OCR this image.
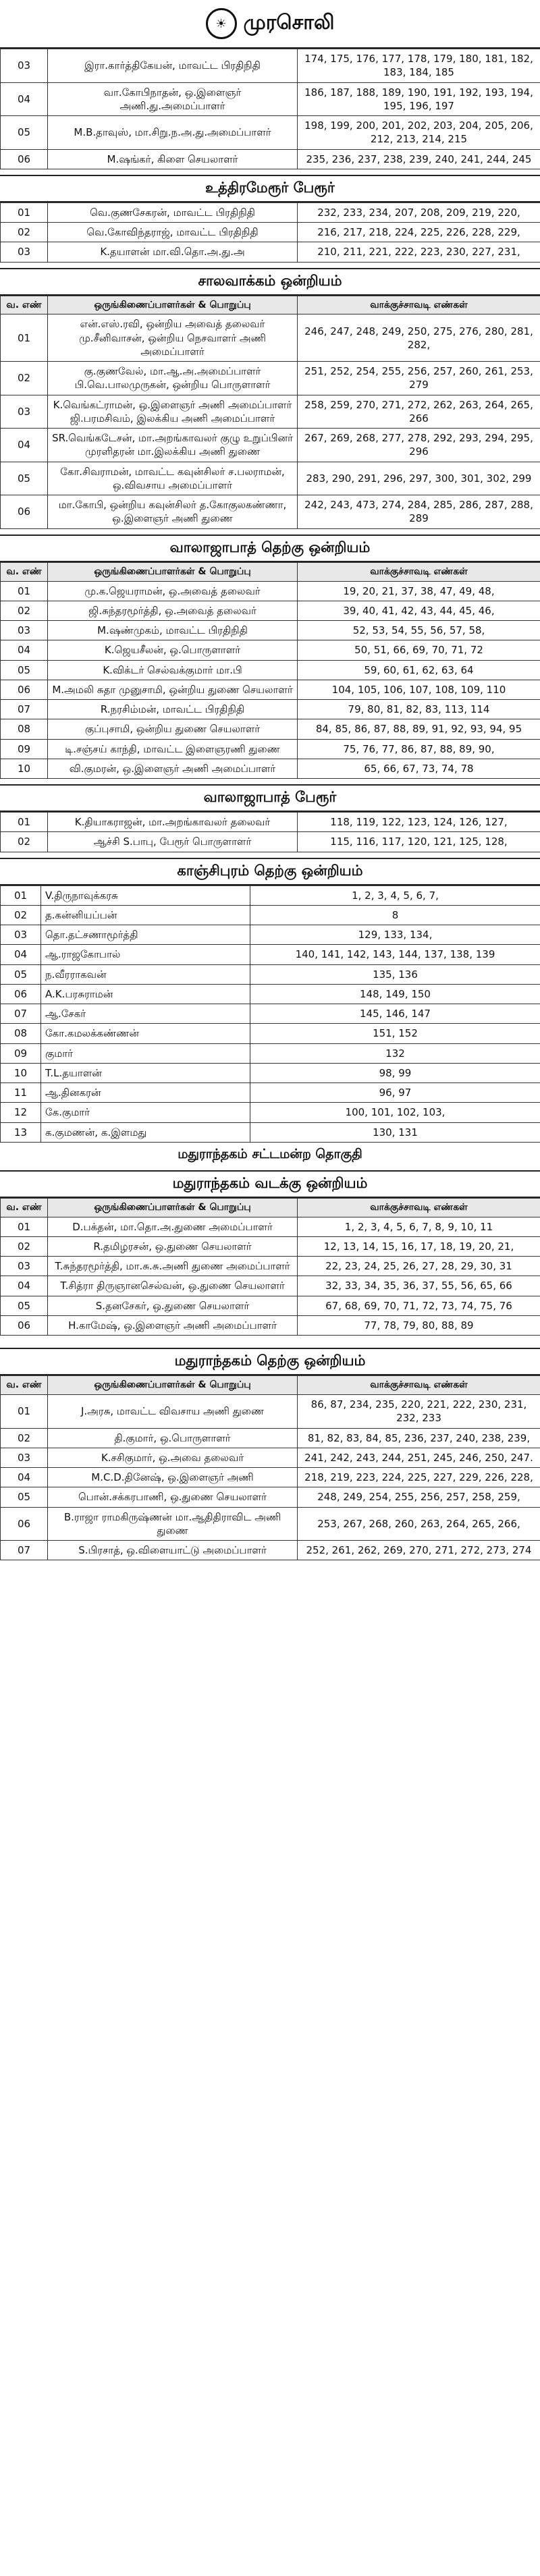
☀ முரசொலி
03	இரா.கார்த்திகேயன், மாவட்ட பிரதிநிதி	174, 175, 176, 177, 178, 179, 180, 181, 182, 183, 184, 185
04	வா.கோபிநாதன், ஒ.இளைஞர் அணி.து.அமைப்பாளர்	186, 187, 188, 189, 190, 191, 192, 193, 194, 195, 196, 197
05	M.B.தாவுஸ், மா.சிறு.ந.அ.து.அமைப்பாளர்	198, 199, 200, 201, 202, 203, 204, 205, 206, 212, 213, 214, 215
06	M.ஷங்கர், கிளை செயலாளர்	235, 236, 237, 238, 239, 240, 241, 244, 245
உத்திரமேரூர் பேரூர்
01	வெ.குணசேகரன், மாவட்ட பிரதிநிதி	232, 233, 234, 207, 208, 209, 219, 220,
02	வெ.கோவிந்தராஜ், மாவட்ட பிரதிநிதி	216, 217, 218, 224, 225, 226, 228, 229,
03	K.தயாளன் மா.வி.தொ.அ.து.அ	210, 211, 221, 222, 223, 230, 227, 231,
சாலவாக்கம் ஒன்றியம்
வ. எண்	ஒருங்கிணைப்பாளர்கள் & பொறுப்பு	வாக்குச்சாவடி எண்கள்
01	என்.எஸ்.ரவி, ஒன்றிய அவைத் தலைவர் மு.சீனிவாசன், ஒன்றிய நெசவாளர் அணி அமைப்பாளர்	246, 247, 248, 249, 250, 275, 276, 280, 281, 282,
02	கு.குணவேல், மா.ஆ.அ.அமைப்பாளர் பி.வெ.பாலமுருகன், ஒன்றிய பொருளாளர்	251, 252, 254, 255, 256, 257, 260, 261, 253, 279
03	K.வெங்கட்ராமன், ஒ.இளைஞர் அணி அமைப்பாளர் ஜி.பரமசிவம், இலக்கிய அணி அமைப்பாளர்	258, 259, 270, 271, 272, 262, 263, 264, 265, 266
04	SR.வெங்கடேசன், மா.அறங்காவலர் குழு உறுப்பினர் முரளிதரன் மா.இலக்கிய அணி துணை	267, 269, 268, 277, 278, 292, 293, 294, 295, 296
05	கோ.சிவராமன், மாவட்ட கவுன்சிலர் ச.பலராமன், ஒ.விவசாய அமைப்பாளர்	283, 290, 291, 296, 297, 300, 301, 302, 299
06	மா.கோபி, ஒன்றிய கவுன்சிலர் த.கோகுலகண்ணா, ஒ.இளைஞர் அணி துணை	242, 243, 473, 274, 284, 285, 286, 287, 288, 289
வாலாஜாபாத் தெற்கு ஒன்றியம்
வ. எண்	ஒருங்கிணைப்பாளர்கள் & பொறுப்பு	வாக்குச்சாவடி எண்கள்
01	மு.க.ஜெயராமன், ஒ.அவைத் தலைவர்	19, 20, 21, 37, 38, 47, 49, 48,
02	ஜி.சுந்தரமூர்த்தி, ஒ.அவைத் தலைவர்	39, 40, 41, 42, 43, 44, 45, 46,
03	M.ஷண்முகம், மாவட்ட பிரதிநிதி	52, 53, 54, 55, 56, 57, 58,
04	K.ஜெயசீலன், ஒ.பொருளாளர்	50, 51, 66, 69, 70, 71, 72
05	K.விக்டர் செல்வக்குமார் மா.பி	59, 60, 61, 62, 63, 64
06	M.அமலி சுதா முனுசாமி, ஒன்றிய துணை செயலாளர்	104, 105, 106, 107, 108, 109, 110
07	R.நரசிம்மன், மாவட்ட பிரதிநிதி	79, 80, 81, 82, 83, 113, 114
08	குப்புசாமி, ஒன்றிய துணை செயலாளர்	84, 85, 86, 87, 88, 89, 91, 92, 93, 94, 95
09	டி.சஞ்சய் காந்தி, மாவட்ட இளைஞரணி துணை	75, 76, 77, 86, 87, 88, 89, 90,
10	வி.குமரன், ஒ.இளைஞர் அணி அமைப்பாளர்	65, 66, 67, 73, 74, 78
வாலாஜாபாத் பேரூர்
01	K.தியாகராஜன், மா.அறங்காவலர் தலைவர்	118, 119, 122, 123, 124, 126, 127,
02	ஆச்சி S.பாபு, பேரூர் பொருளாளர்	115, 116, 117, 120, 121, 125, 128,
காஞ்சிபுரம் தெற்கு ஒன்றியம்
01	V.திருநாவுக்கரசு	1, 2, 3, 4, 5, 6, 7,
02	த.கன்னியப்பன்	8
03	தொ.தட்சணாமூர்த்தி	129, 133, 134,
04	ஆ.ராஜகோபால்	140, 141, 142, 143, 144, 137, 138, 139
05	ந.வீரராகவன்	135, 136
06	A.K.பரசுராமன்	148, 149, 150
07	ஆ.சேகர்	145, 146, 147
08	கோ.கமலக்கண்ணன்	151, 152
09	குமார்	132
10	T.L.தயாளன்	98, 99
11	ஆ.தினகரன்	96, 97
12	கே.குமார்	100, 101, 102, 103,
13	க.குமணன், க.இளமது	130, 131
மதுராந்தகம் சட்டமன்ற தொகுதி
மதுராந்தகம் வடக்கு ஒன்றியம்
வ. எண்	ஒருங்கிணைப்பாளர்கள் & பொறுப்பு	வாக்குச்சாவடி எண்கள்
01	D.பக்தன், மா.தொ.அ.துணை அமைப்பாளர்	1, 2, 3, 4, 5, 6, 7, 8, 9, 10, 11
02	R.தமிழரசன், ஒ.துணை செயலாளர்	12, 13, 14, 15, 16, 17, 18, 19, 20, 21,
03	T.சுந்தரமூர்த்தி, மா.சு.சு.அணி துணை அமைப்பாளர்	22, 23, 24, 25, 26, 27, 28, 29, 30, 31
04	T.சித்ரா திருஞானசெல்வன், ஒ.துணை செயலாளர்	32, 33, 34, 35, 36, 37, 55, 56, 65, 66
05	S.தனசேகர், ஒ.துணை செயலாளர்	67, 68, 69, 70, 71, 72, 73, 74, 75, 76
06	H.காமேஷ், ஒ.இளைஞர் அணி அமைப்பாளர்	77, 78, 79, 80, 88, 89
மதுராந்தகம் தெற்கு ஒன்றியம்
வ. எண்	ஒருங்கிணைப்பாளர்கள் & பொறுப்பு	வாக்குச்சாவடி எண்கள்
01	J.அரசு, மாவட்ட விவசாய அணி துணை	86, 87, 234, 235, 220, 221, 222, 230, 231, 232, 233
02	தி.குமார், ஒ.பொருளாளர்	81, 82, 83, 84, 85, 236, 237, 240, 238, 239,
03	K.சசிகுமார், ஒ.அவை தலைவர்	241, 242, 243, 244, 251, 245, 246, 250, 247.
04	M.C.D.தினேஷ், ஒ.இளைஞர் அணி	218, 219, 223, 224, 225, 227, 229, 226, 228,
05	பொன்.சக்கரபாணி, ஒ.துணை செயலாளர்	248, 249, 254, 255, 256, 257, 258, 259,
06	B.ராஜா ராமகிருஷ்ணன் மா.ஆதிதிராவிட அணி துணை	253, 267, 268, 260, 263, 264, 265, 266,
07	S.பிரசாத், ஒ.விளையாட்டு அமைப்பாளர்	252, 261, 262, 269, 270, 271, 272, 273, 274
